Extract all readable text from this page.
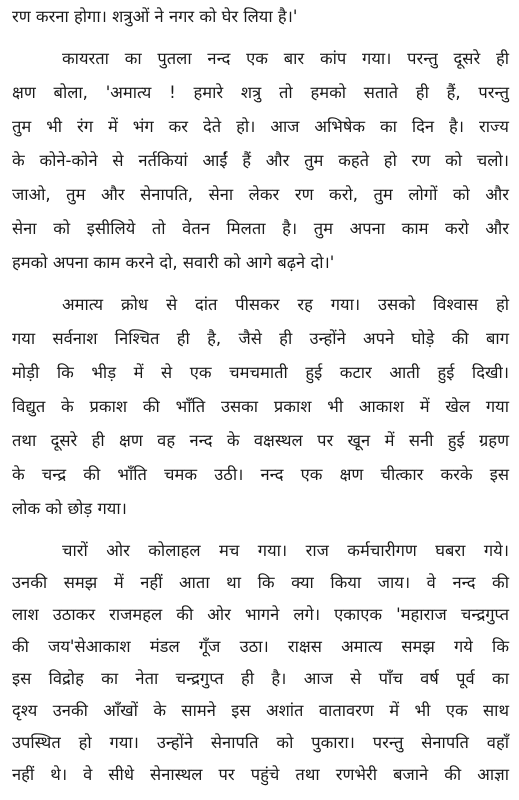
रण करना होगा। शत्रुओं ने नगर को घेर लिया है।'
कायरता का पुतला नन्द एक बार कांप गया। परन्तु दूसरे ही
क्षण बोला, 'अमात्य ! हमारे शत्रु तो हमको सताते ही हैं, परन्तु
तुम भी रंग में भंग कर देते हो। आज अभिषेक का दिन है। राज्य
के कोने-कोने से नर्तकियां आईं हैं और तुम कहते हो रण को चलो।
जाओ, तुम और सेनापति, सेना लेकर रण करो, तुम लोगों को और
सेना को इसीलिये तो वेतन मिलता है। तुम अपना काम करो और
हमको अपना काम करने दो, सवारी को आगे बढ़ने दो।'
अमात्य क्रोध से दांत पीसकर रह गया। उसको विश्वास हो
गया सर्वनाश निश्चित ही है, जैसे ही उन्होंने अपने घोड़े की बाग
मोड़ी कि भीड़ में से एक चमचमाती हुई कटार आती हुई दिखी।
विद्युत के प्रकाश की भाँति उसका प्रकाश भी आकाश में खेल गया
तथा दूसरे ही क्षण वह नन्द के वक्षस्थल पर खून में सनी हुई ग्रहण
के चन्द्र की भाँति चमक उठी। नन्द एक क्षण चीत्कार करके इस
लोक को छोड़ गया।
चारों ओर कोलाहल मच गया। राज कर्मचारीगण घबरा गये।
उनकी समझ में नहीं आता था कि क्या किया जाय। वे नन्द की
लाश उठाकर राजमहल की ओर भागने लगे। एकाएक 'महाराज चन्द्रगुप्त
की जय'सेआकाश मंडल गूँज उठा। राक्षस अमात्य समझ गये कि
इस विद्रोह का नेता चन्द्रगुप्त ही है। आज से पाँच वर्ष पूर्व का
दृश्य उनकी आँखों के सामने इस अशांत वातावरण में भी एक साथ
उपस्थित हो गया। उन्होंने सेनापति को पुकारा। परन्तु सेनापति वहाँ
नहीं थे। वे सीधे सेनास्थल पर पहुंचे तथा रणभेरी बजाने की आज्ञा
